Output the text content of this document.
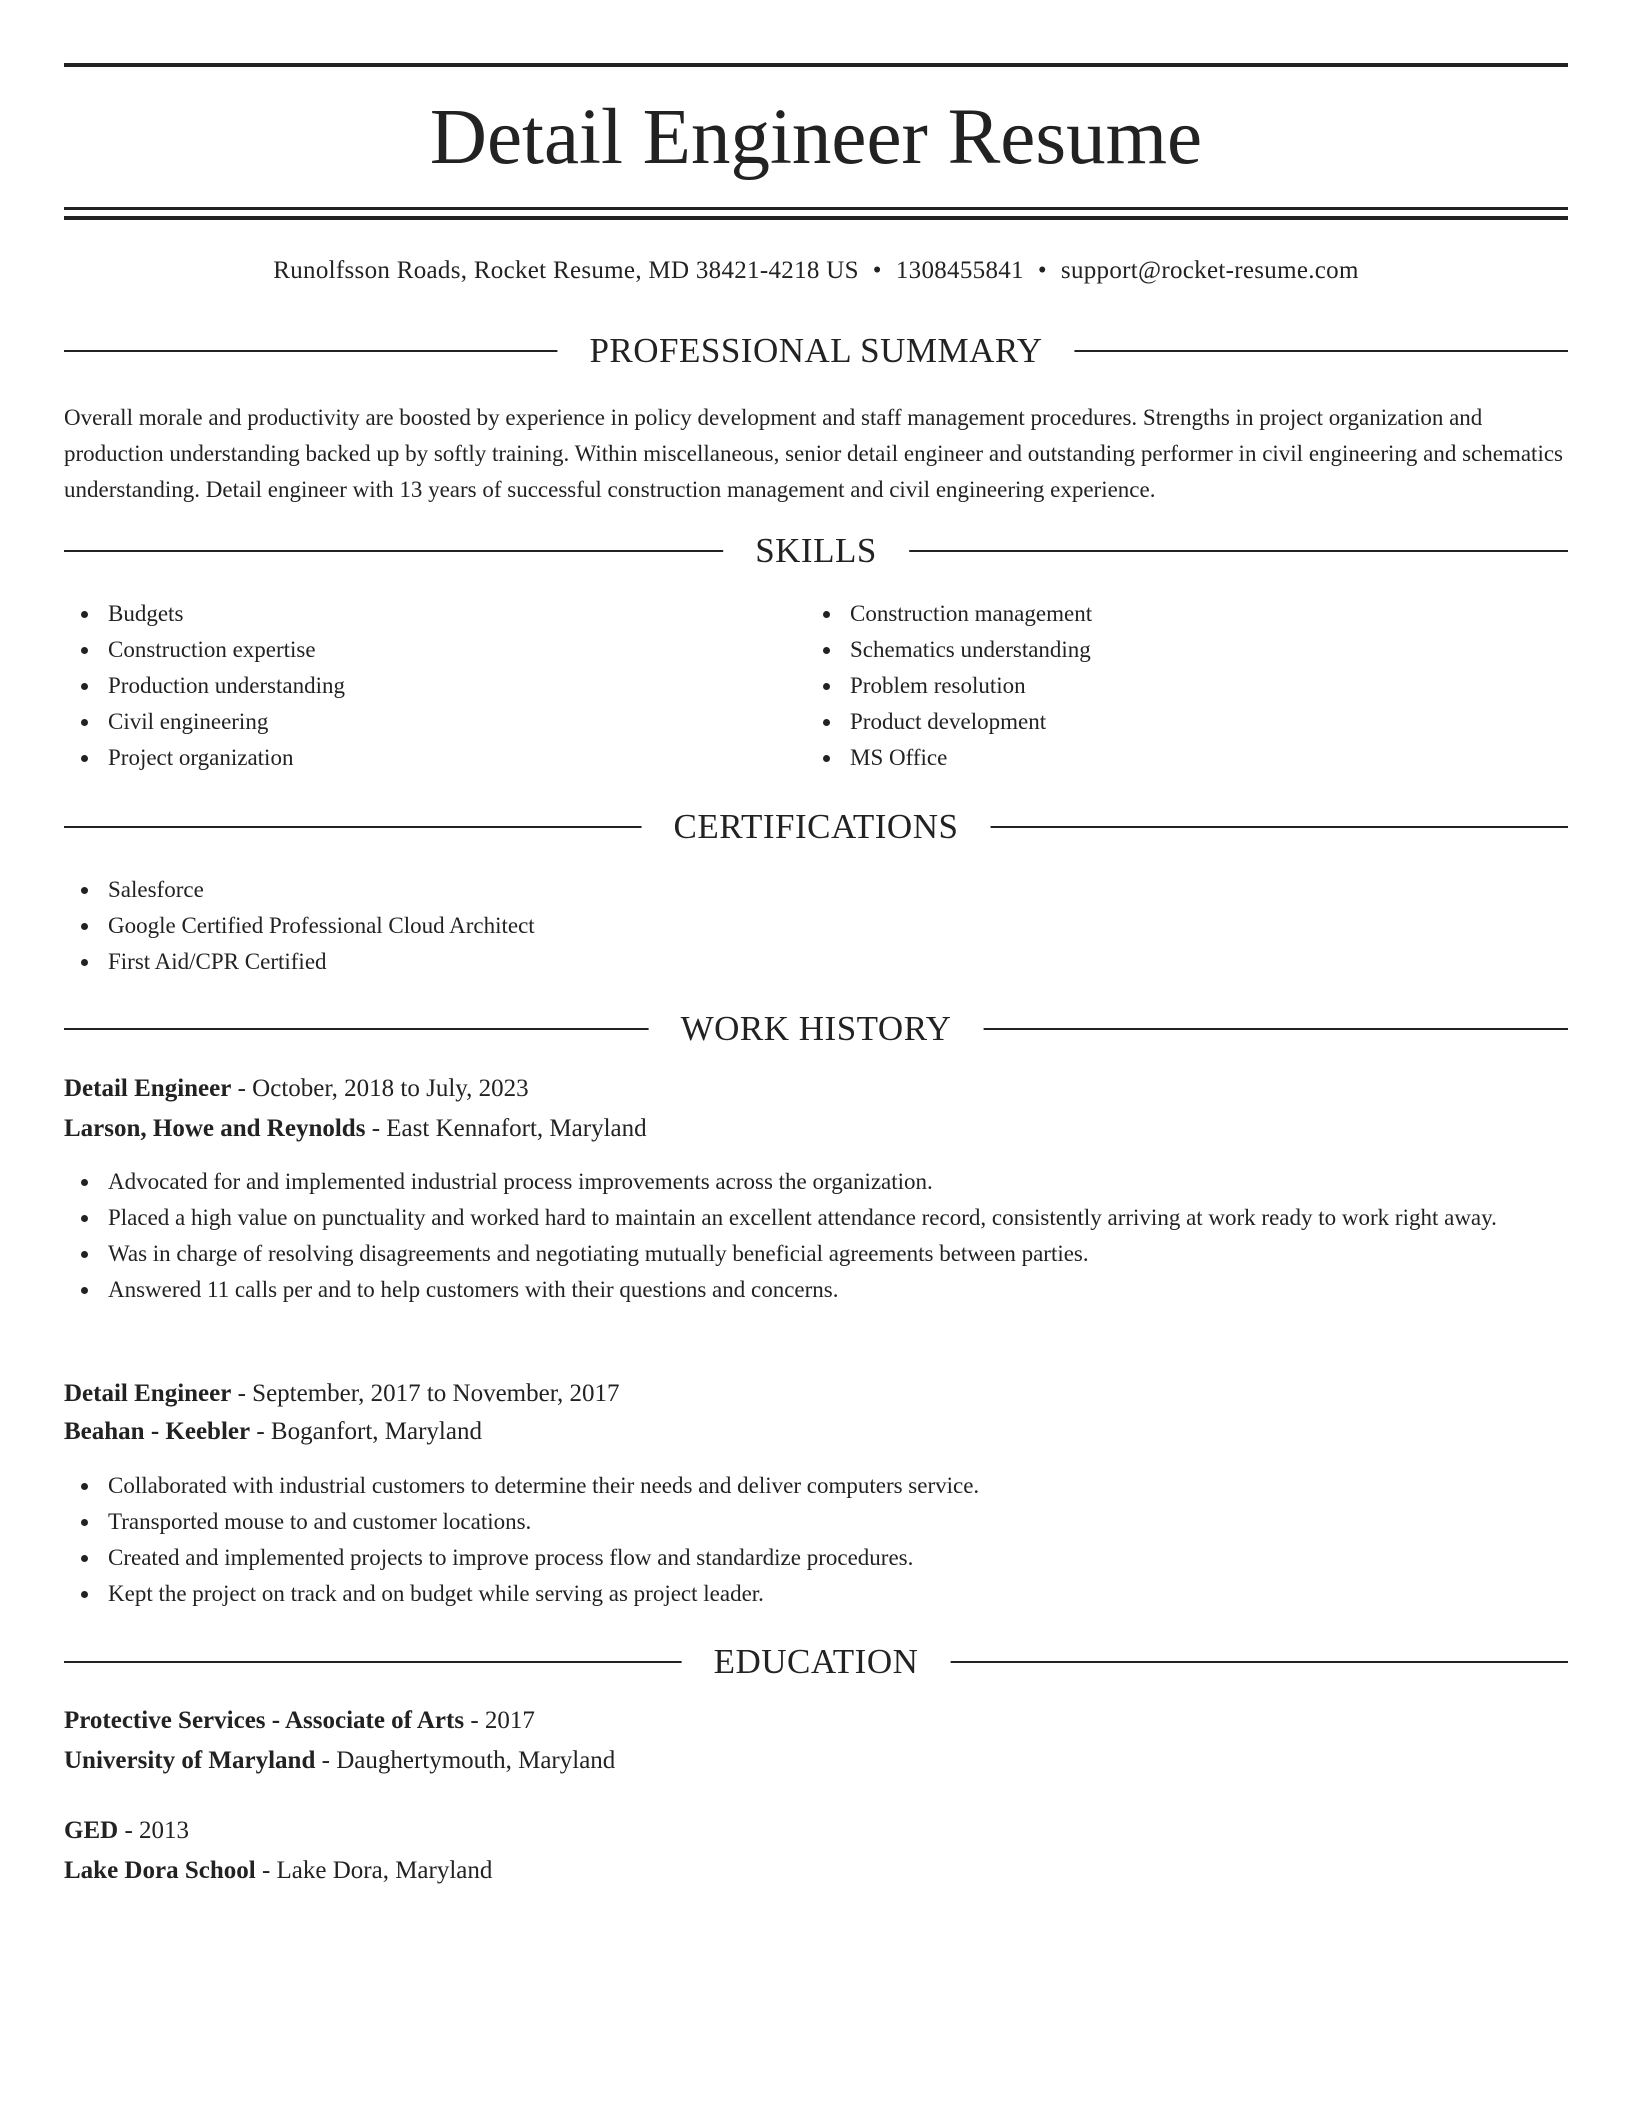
Detail Engineer Resume
Runolfsson Roads, Rocket Resume, MD 38421-4218 US • 1308455841 • support@rocket-resume.com
PROFESSIONAL SUMMARY

Overall morale and productivity are boosted by experience in policy development and staff management procedures. Strengths in project organization and production understanding backed up by softly training. Within miscellaneous, senior detail engineer and outstanding performer in civil engineering and schematics understanding. Detail engineer with 13 years of successful construction management and civil engineering experience.

SKILLS
Budgets
Construction expertise
Production understanding
Civil engineering
Project organization
Construction management
Schematics understanding
Problem resolution
Product development
MS Office
CERTIFICATIONS
Salesforce
Google Certified Professional Cloud Architect
First Aid/CPR Certified
WORK HISTORY
Detail Engineer - October, 2018 to July, 2023
Larson, Howe and Reynolds - East Kennafort, Maryland
Advocated for and implemented industrial process improvements across the organization.
Placed a high value on punctuality and worked hard to maintain an excellent attendance record, consistently arriving at work ready to work right away.
Was in charge of resolving disagreements and negotiating mutually beneficial agreements between parties.
Answered 11 calls per and to help customers with their questions and concerns.
Detail Engineer - September, 2017 to November, 2017
Beahan - Keebler - Boganfort, Maryland
Collaborated with industrial customers to determine their needs and deliver computers service.
Transported mouse to and customer locations.
Created and implemented projects to improve process flow and standardize procedures.
Kept the project on track and on budget while serving as project leader.
EDUCATION
Protective Services - Associate of Arts - 2017
University of Maryland - Daughertymouth, Maryland
GED - 2013
Lake Dora School - Lake Dora, Maryland
